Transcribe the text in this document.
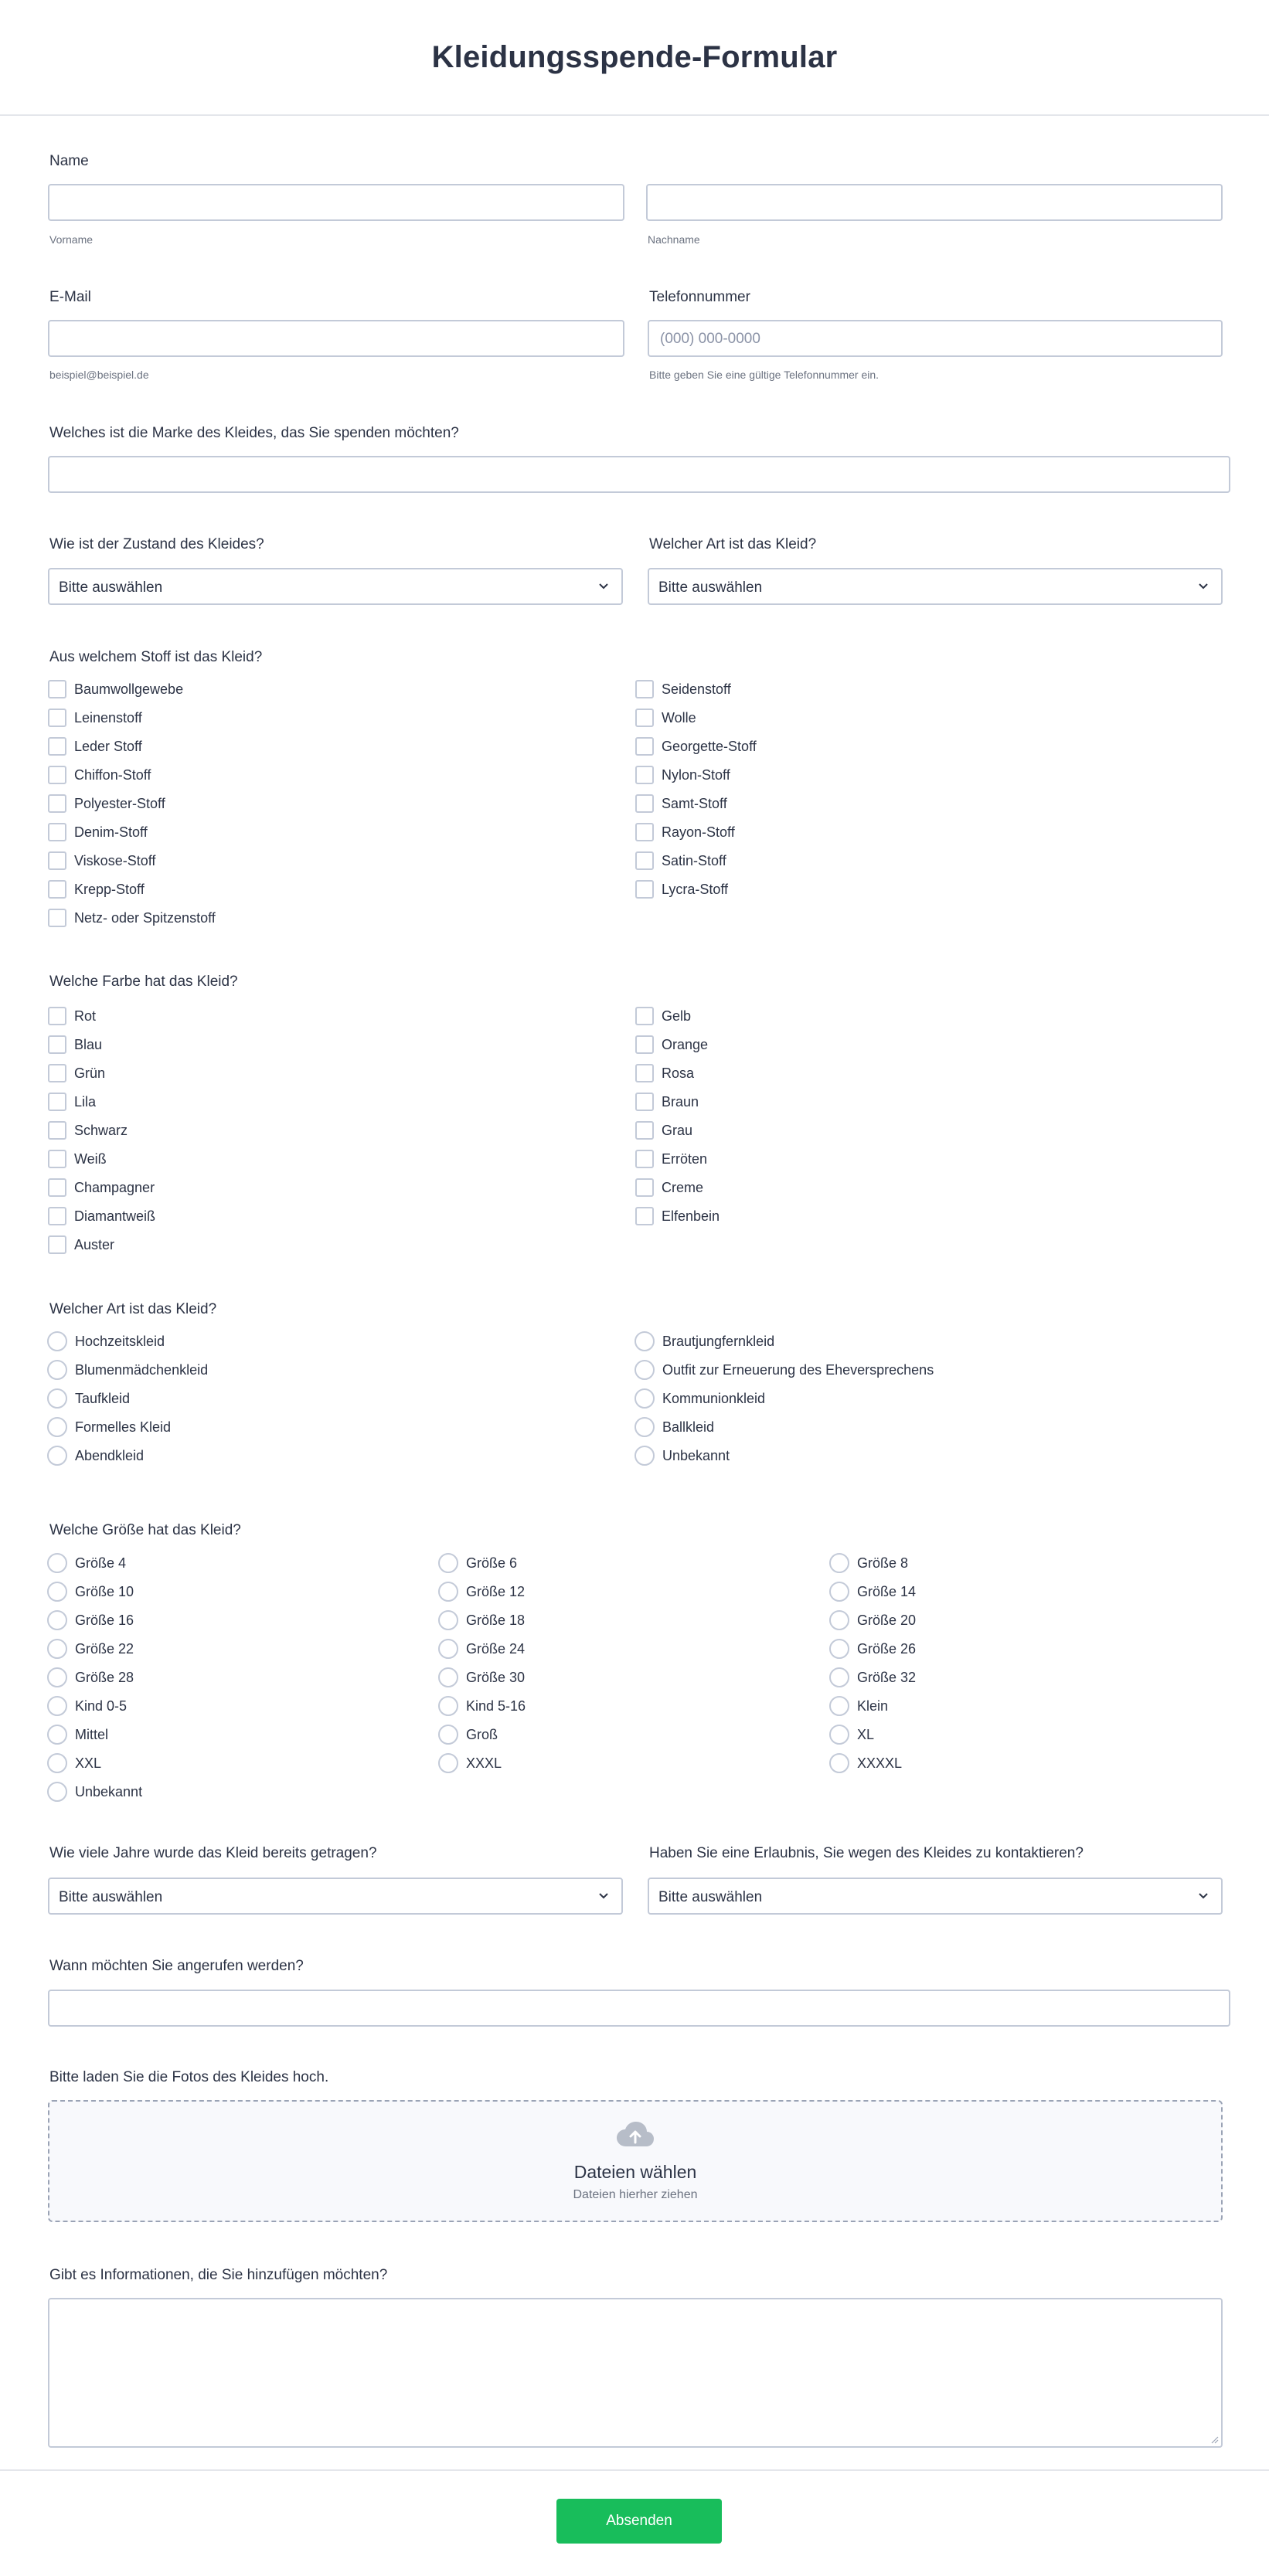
Kleidungsspende-Formular
Name
Vorname	Nachname
E-Mail
beispiel@beispiel.de
Telefonnummer
(000) 000-0000
Bitte geben Sie eine gültige Telefonnummer ein.
Welches ist die Marke des Kleides, das Sie spenden möchten?
Wie ist der Zustand des Kleides?
Bitte auswählen
Welcher Art ist das Kleid?
Bitte auswählen
Aus welchem Stoff ist das Kleid?
Baumwollgewebe
Leinenstoff
Leder Stoff
Chiffon-Stoff
Polyester-Stoff
Denim-Stoff
Viskose-Stoff
Krepp-Stoff
Netz- oder Spitzenstoff
Seidenstoff
Wolle
Georgette-Stoff
Nylon-Stoff
Samt-Stoff
Rayon-Stoff
Satin-Stoff
Lycra-Stoff
Welche Farbe hat das Kleid?
Rot
Blau
Grün
Lila
Schwarz
Weiß
Champagner
Diamantweiß
Auster
Gelb
Orange
Rosa
Braun
Grau
Erröten
Creme
Elfenbein
Welcher Art ist das Kleid?
Hochzeitskleid
Blumenmädchenkleid
Taufkleid
Formelles Kleid
Abendkleid
Brautjungfernkleid
Outfit zur Erneuerung des Eheversprechens
Kommunionkleid
Ballkleid
Unbekannt
Welche Größe hat das Kleid?
Größe 4
Größe 10
Größe 16
Größe 22
Größe 28
Kind 0-5
Mittel
XXL
Unbekannt
Größe 6
Größe 12
Größe 18
Größe 24
Größe 30
Kind 5-16
Groß
XXXL
Größe 8
Größe 14
Größe 20
Größe 26
Größe 32
Klein
XL
XXXXL
Wie viele Jahre wurde das Kleid bereits getragen?
Bitte auswählen
Haben Sie eine Erlaubnis, Sie wegen des Kleides zu kontaktieren?
Bitte auswählen
Wann möchten Sie angerufen werden?
Bitte laden Sie die Fotos des Kleides hoch.
Dateien wählen
Dateien hierher ziehen
Gibt es Informationen, die Sie hinzufügen möchten?
Absenden
